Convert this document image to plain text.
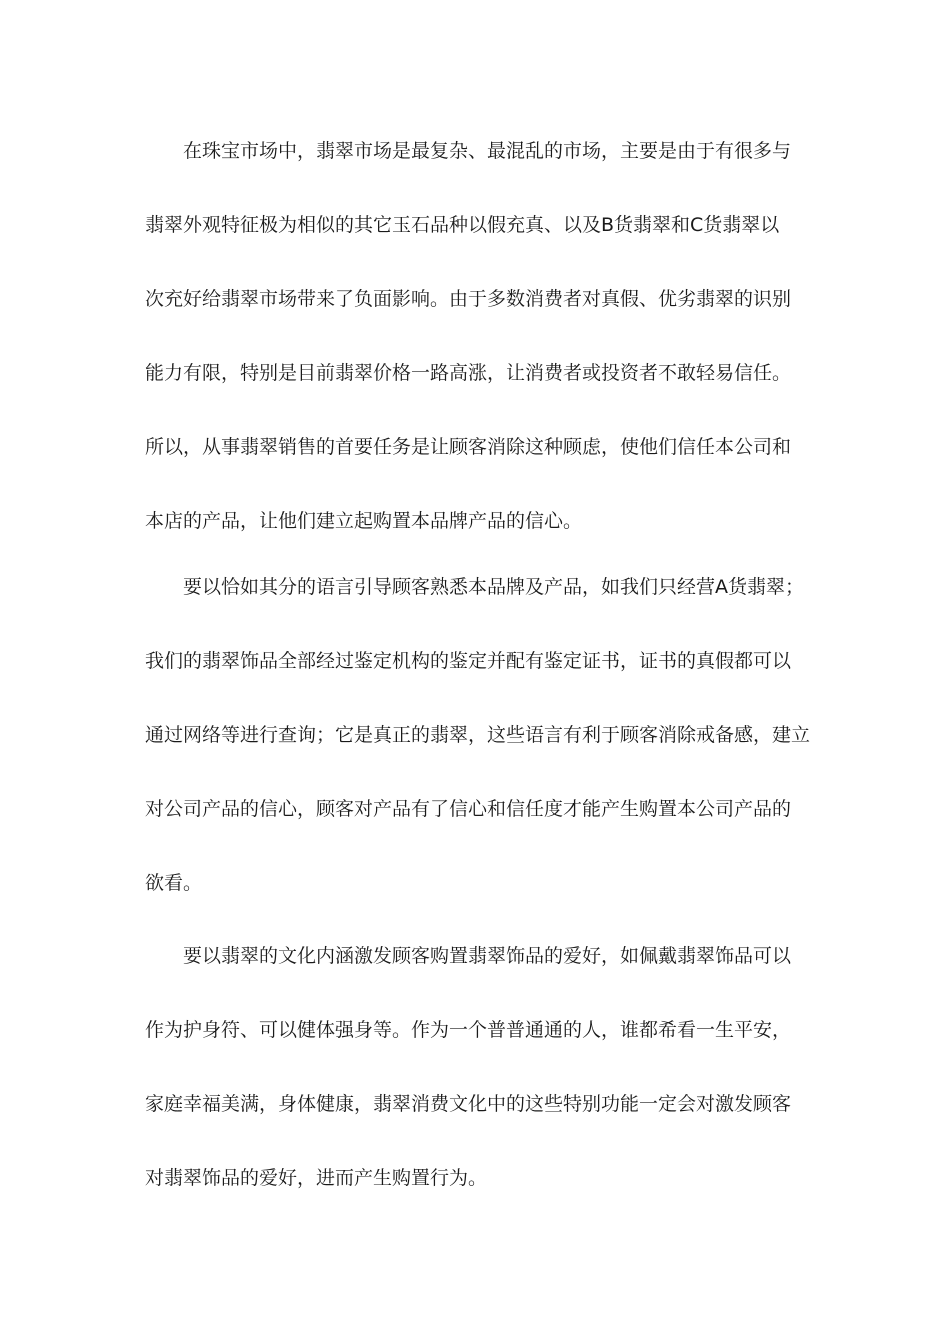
在珠宝市场中，翡翠市场是最复杂、最混乱的市场，主要是由于有很多与
翡翠外观特征极为相似的其它玉石品种以假充真、以及B货翡翠和C货翡翠以
次充好给翡翠市场带来了负面影响。由于多数消费者对真假、优劣翡翠的识别
能力有限，特别是目前翡翠价格一路高涨，让消费者或投资者不敢轻易信任。
所以，从事翡翠销售的首要任务是让顾客消除这种顾虑，使他们信任本公司和
本店的产品，让他们建立起购置本品牌产品的信心。
要以恰如其分的语言引导顾客熟悉本品牌及产品，如我们只经营A货翡翠；
我们的翡翠饰品全部经过鉴定机构的鉴定并配有鉴定证书，证书的真假都可以
通过网络等进行查询；它是真正的翡翠，这些语言有利于顾客消除戒备感，建立
对公司产品的信心，顾客对产品有了信心和信任度才能产生购置本公司产品的
欲看。
要以翡翠的文化内涵激发顾客购置翡翠饰品的爱好，如佩戴翡翠饰品可以
作为护身符、可以健体强身等。作为一个普普通通的人，谁都希看一生平安，
家庭幸福美满，身体健康，翡翠消费文化中的这些特别功能一定会对激发顾客
对翡翠饰品的爱好，进而产生购置行为。
